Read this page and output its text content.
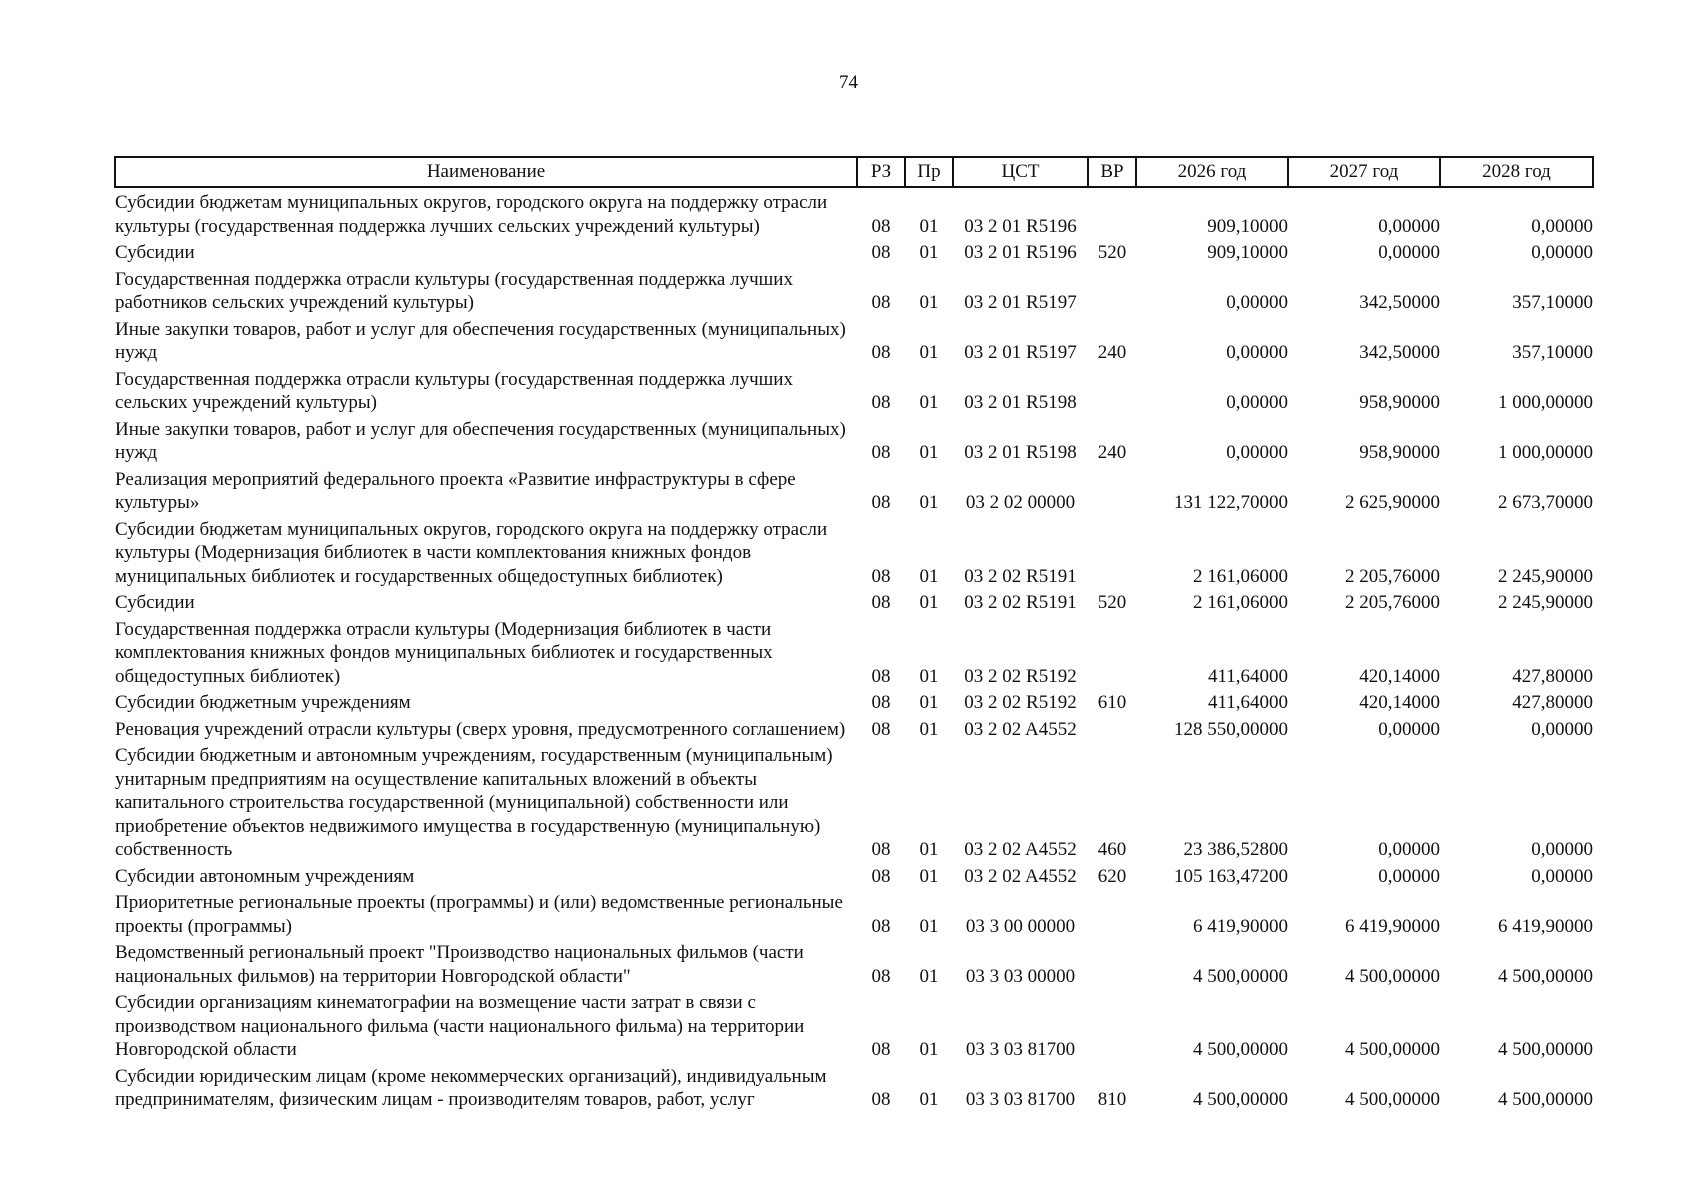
74
Наименование	РЗ	Пр	ЦСТ	ВР	2026 год	2027 год	2028 год
Субсидии бюджетам муниципальных округов, городского округа на поддержку отрасли культуры (государственная поддержка лучших сельских учреждений культуры)	08	01	03 2 01 R5196		909,10000	0,00000	0,00000
Субсидии	08	01	03 2 01 R5196	520	909,10000	0,00000	0,00000
Государственная поддержка отрасли культуры (государственная поддержка лучших работников сельских учреждений культуры)	08	01	03 2 01 R5197		0,00000	342,50000	357,10000
Иные закупки товаров, работ и услуг для обеспечения государственных (муниципальных) нужд	08	01	03 2 01 R5197	240	0,00000	342,50000	357,10000
Государственная поддержка отрасли культуры (государственная поддержка лучших сельских учреждений культуры)	08	01	03 2 01 R5198		0,00000	958,90000	1 000,00000
Иные закупки товаров, работ и услуг для обеспечения государственных (муниципальных) нужд	08	01	03 2 01 R5198	240	0,00000	958,90000	1 000,00000
Реализация мероприятий федерального проекта «Развитие инфраструктуры в сфере культуры»	08	01	03 2 02 00000		131 122,70000	2 625,90000	2 673,70000
Субсидии бюджетам муниципальных округов, городского округа на поддержку отрасли культуры (Модернизация библиотек в части комплектования книжных фондов муниципальных библиотек и государственных общедоступных библиотек)	08	01	03 2 02 R5191		2 161,06000	2 205,76000	2 245,90000
Субсидии	08	01	03 2 02 R5191	520	2 161,06000	2 205,76000	2 245,90000
Государственная поддержка отрасли культуры (Модернизация библиотек в части комплектования книжных фондов муниципальных библиотек и государственных общедоступных библиотек)	08	01	03 2 02 R5192		411,64000	420,14000	427,80000
Субсидии бюджетным учреждениям	08	01	03 2 02 R5192	610	411,64000	420,14000	427,80000
Реновация учреждений отрасли культуры (сверх уровня, предусмотренного соглашением)	08	01	03 2 02 A4552		128 550,00000	0,00000	0,00000
Субсидии бюджетным и автономным учреждениям, государственным (муниципальным) унитарным предприятиям на осуществление капитальных вложений в объекты капитального строительства государственной (муниципальной) собственности или приобретение объектов недвижимого имущества в государственную (муниципальную) собственность	08	01	03 2 02 A4552	460	23 386,52800	0,00000	0,00000
Субсидии автономным учреждениям	08	01	03 2 02 A4552	620	105 163,47200	0,00000	0,00000
Приоритетные региональные проекты (программы) и (или) ведомственные региональные проекты (программы)	08	01	03 3 00 00000		6 419,90000	6 419,90000	6 419,90000
Ведомственный региональный проект "Производство национальных фильмов (части национальных фильмов) на территории Новгородской области"	08	01	03 3 03 00000		4 500,00000	4 500,00000	4 500,00000
Субсидии организациям кинематографии на возмещение части затрат в связи с производством национального фильма (части национального фильма) на территории Новгородской области	08	01	03 3 03 81700		4 500,00000	4 500,00000	4 500,00000
Субсидии юридическим лицам (кроме некоммерческих организаций), индивидуальным предпринимателям, физическим лицам - производителям товаров, работ, услуг	08	01	03 3 03 81700	810	4 500,00000	4 500,00000	4 500,00000
